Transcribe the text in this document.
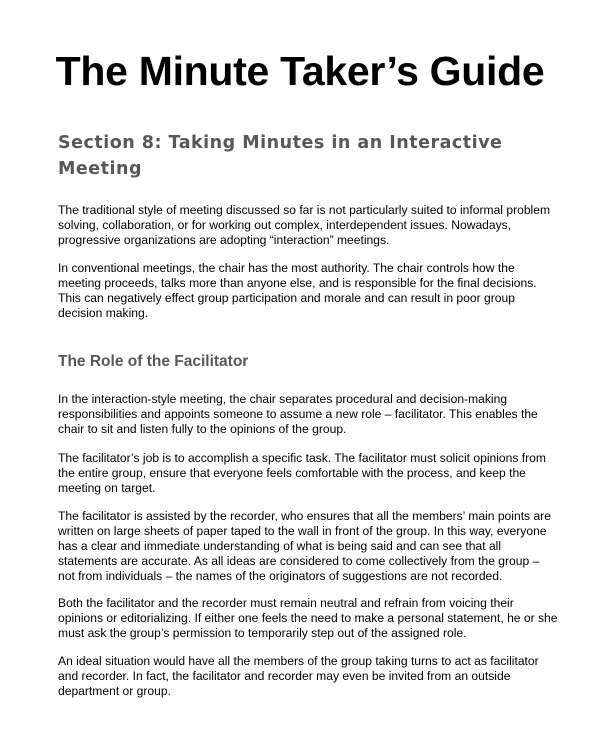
The Minute Taker’s Guide
Section 8: Taking Minutes in an Interactive Meeting

The traditional style of meeting discussed so far is not particularly suited to informal problem solving, collaboration, or for working out complex, interdependent issues. Nowadays, progressive organizations are adopting “interaction” meetings.

In conventional meetings, the chair has the most authority. The chair controls how the meeting proceeds, talks more than anyone else, and is responsible for the final decisions. This can negatively effect group participation and morale and can result in poor group decision making.

The Role of the Facilitator

In the interaction-style meeting, the chair separates procedural and decision-making responsibilities and appoints someone to assume a new role – facilitator. This enables the chair to sit and listen fully to the opinions of the group.

The facilitator’s job is to accomplish a specific task. The facilitator must solicit opinions from the entire group, ensure that everyone feels comfortable with the process, and keep the meeting on target.

The facilitator is assisted by the recorder, who ensures that all the members’ main points are written on large sheets of paper taped to the wall in front of the group. In this way, everyone has a clear and immediate understanding of what is being said and can see that all statements are accurate. As all ideas are considered to come collectively from the group – not from individuals – the names of the originators of suggestions are not recorded.

Both the facilitator and the recorder must remain neutral and refrain from voicing their opinions or editorializing. If either one feels the need to make a personal statement, he or she must ask the group’s permission to temporarily step out of the assigned role.

An ideal situation would have all the members of the group taking turns to act as facilitator and recorder. In fact, the facilitator and recorder may even be invited from an outside department or group.
